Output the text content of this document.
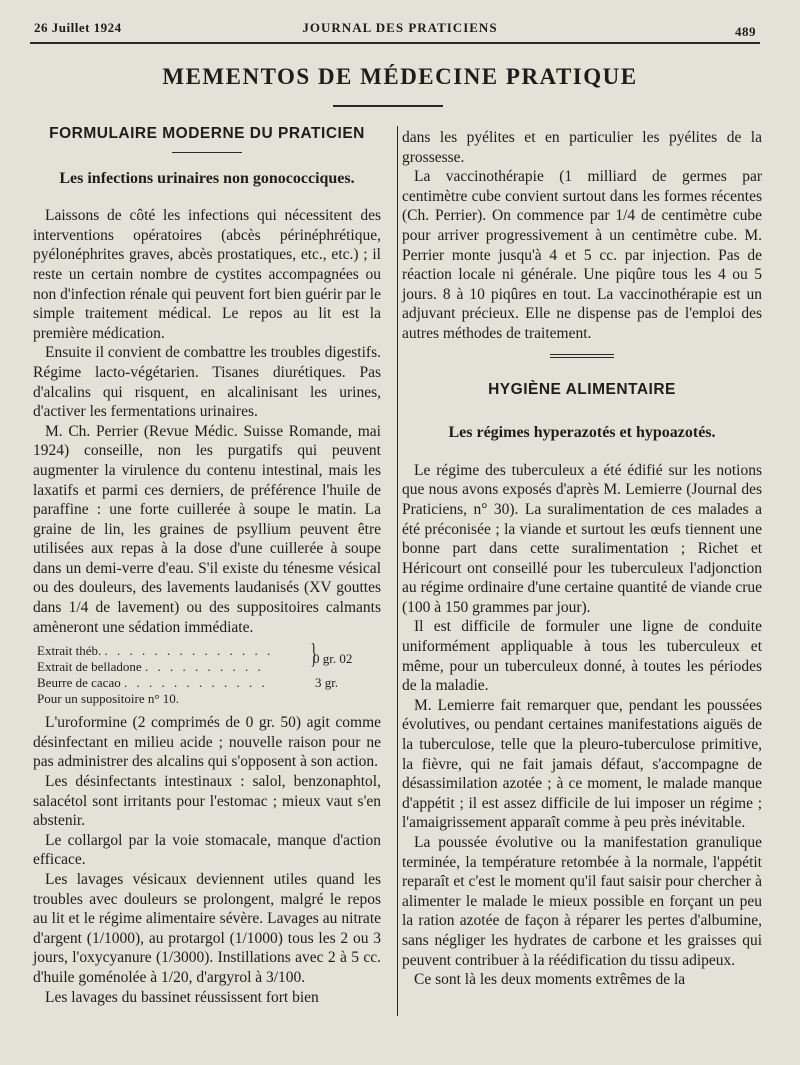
26 Juillet 1924	JOURNAL DES PRATICIENS	489
MEMENTOS DE MÉDECINE PRATIQUE
FORMULAIRE MODERNE DU PRATICIEN
Les infections urinaires non gonococciques.

Laissons de côté les infections qui nécessitent des interventions opératoires (abcès périnéphrétique, pyélonéphrites graves, abcès prostatiques, etc., etc.) ; il reste un certain nombre de cystites accompagnées ou non d'infection rénale qui peuvent fort bien guérir par le simple traitement médical. Le repos au lit est la première médication.

Ensuite il convient de combattre les troubles digestifs. Régime lacto-végétarien. Tisanes diurétiques. Pas d'alcalins qui risquent, en alcalinisant les urines, d'activer les fermentations urinaires.

M. Ch. Perrier (Revue Médic. Suisse Romande, mai 1924) conseille, non les purgatifs qui peuvent augmenter la virulence du contenu intestinal, mais les laxatifs et parmi ces derniers, de préférence l'huile de paraffine : une forte cuillerée à soupe le matin. La graine de lin, les graines de psyllium peuvent être utilisées aux repas à la dose d'une cuillerée à soupe dans un demi-verre d'eau. S'il existe du ténesme vésical ou des douleurs, des lavements laudanisés (XV gouttes dans 1/4 de lavement) ou des suppositoires calmants amèneront une sédation immédiate.

Extrait théb. . . . . . . . . . . . . . .
Extrait de belladone . . . . . . . . . .	}
0 gr. 02
Beurre de cacao . . . . . . . . . . . .	3 gr.
Pour un suppositoire n° 10.

L'uroformine (2 comprimés de 0 gr. 50) agit comme désinfectant en milieu acide ; nouvelle raison pour ne pas administrer des alcalins qui s'opposent à son action.

Les désinfectants intestinaux : salol, benzonaphtol, salacétol sont irritants pour l'estomac ; mieux vaut s'en abstenir.

Le collargol par la voie stomacale, manque d'action efficace.

Les lavages vésicaux deviennent utiles quand les troubles avec douleurs se prolongent, malgré le repos au lit et le régime alimentaire sévère. Lavages au nitrate d'argent (1/1000), au protargol (1/1000) tous les 2 ou 3 jours, l'oxycyanure (1/3000). Instillations avec 2 à 5 cc. d'huile goménolée à 1/20, d'argyrol à 3/100.

Les lavages du bassinet réussissent fort bien

dans les pyélites et en particulier les pyélites de la grossesse.

La vaccinothérapie (1 milliard de germes par centimètre cube convient surtout dans les formes récentes (Ch. Perrier). On commence par 1/4 de centimètre cube pour arriver progressivement à un centimètre cube. M. Perrier monte jusqu'à 4 et 5 cc. par injection. Pas de réaction locale ni générale. Une piqûre tous les 4 ou 5 jours. 8 à 10 piqûres en tout. La vaccinothérapie est un adjuvant précieux. Elle ne dispense pas de l'emploi des autres méthodes de traitement.

HYGIÈNE ALIMENTAIRE
Les régimes hyperazotés et hypoazotés.

Le régime des tuberculeux a été édifié sur les notions que nous avons exposés d'après M. Lemierre (Journal des Praticiens, n° 30). La suralimentation de ces malades a été préconisée ; la viande et surtout les œufs tiennent une bonne part dans cette suralimentation ; Richet et Héricourt ont conseillé pour les tuberculeux l'adjonction au régime ordinaire d'une certaine quantité de viande crue (100 à 150 grammes par jour).

Il est difficile de formuler une ligne de conduite uniformément appliquable à tous les tuberculeux et même, pour un tuberculeux donné, à toutes les périodes de la maladie.

M. Lemierre fait remarquer que, pendant les poussées évolutives, ou pendant certaines manifestations aiguës de la tuberculose, telle que la pleuro-tuberculose primitive, la fièvre, qui ne fait jamais défaut, s'accompagne de désassimilation azotée ; à ce moment, le malade manque d'appétit ; il est assez difficile de lui imposer un régime ; l'amaigrissement apparaît comme à peu près inévitable.

La poussée évolutive ou la manifestation granulique terminée, la température retombée à la normale, l'appétit reparaît et c'est le moment qu'il faut saisir pour chercher à alimenter le malade le mieux possible en forçant un peu la ration azotée de façon à réparer les pertes d'albumine, sans négliger les hydrates de carbone et les graisses qui peuvent contribuer à la réédification du tissu adipeux.

Ce sont là les deux moments extrêmes de la
